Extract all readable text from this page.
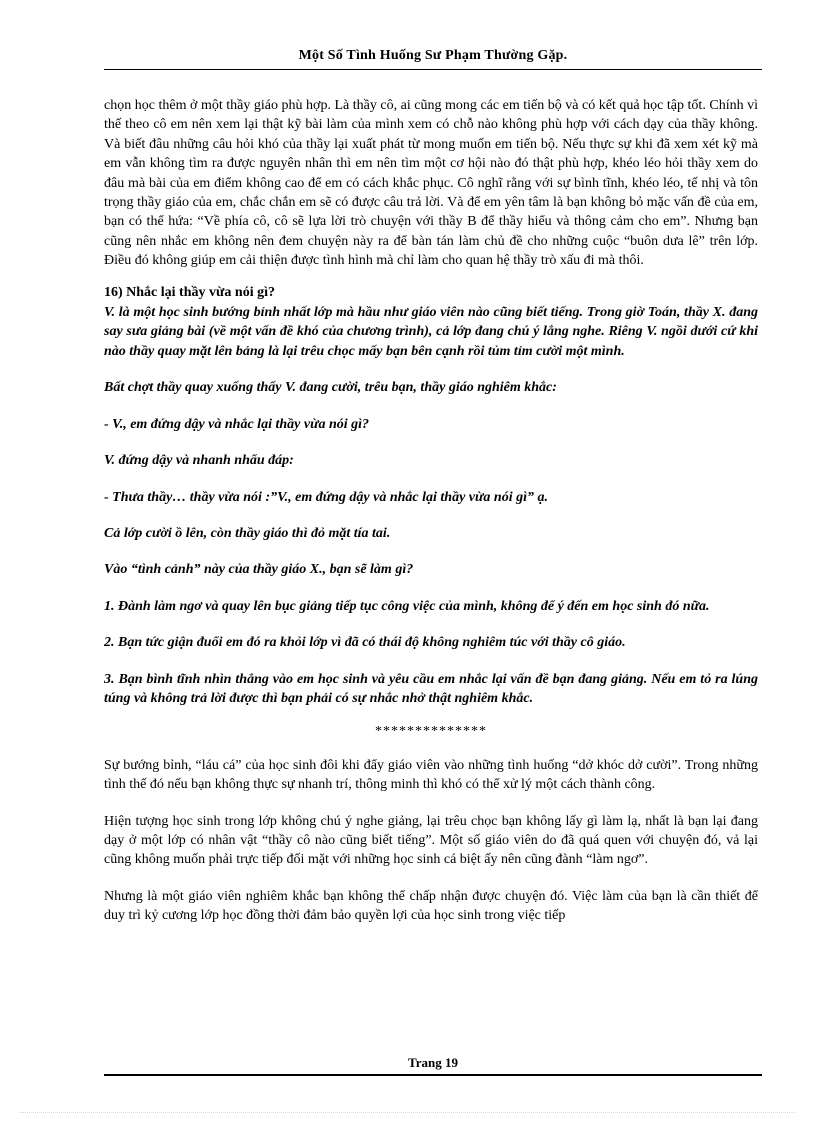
Một Số Tình Huống Sư Phạm Thường Gặp.

chọn học thêm ở một thầy giáo phù hợp. Là thầy cô, ai cũng mong các em tiến bộ và có kết quả học tập tốt. Chính vì thế theo cô em nên xem lại thật kỹ bài làm của mình xem có chỗ nào không phù hợp với cách dạy của thầy không. Và biết đâu những câu hỏi khó của thầy lại xuất phát từ mong muốn em tiến bộ. Nếu thực sự khi đã xem xét kỹ mà em vẫn không tìm ra được nguyên nhân thì em nên tìm một cơ hội nào đó thật phù hợp, khéo léo hỏi thầy xem do đâu mà bài của em điểm không cao để em có cách khắc phục. Cô nghĩ rằng với sự bình tĩnh, khéo léo, tế nhị và tôn trọng thầy giáo của em, chắc chắn em sẽ có được câu trả lời. Và để em yên tâm là bạn không bỏ mặc vấn đề của em, bạn có thể hứa: “Về phía cô, cô sẽ lựa lời trò chuyện với thầy B để thầy hiểu và thông cảm cho em”. Nhưng bạn cũng nên nhắc em không nên đem chuyện này ra để bàn tán làm chủ đề cho những cuộc “buôn dưa lê” trên lớp. Điều đó không giúp em cải thiện được tình hình mà chỉ làm cho quan hệ thầy trò xấu đi mà thôi.

16) Nhắc lại thầy vừa nói gì?

V. là một học sinh bướng bỉnh nhất lớp mà hầu như giáo viên nào cũng biết tiếng. Trong giờ Toán, thầy X. đang say sưa giảng bài (về một vấn đề khó của chương trình), cả lớp đang chú ý lắng nghe. Riêng V. ngồi dưới cứ khi nào thầy quay mặt lên bảng là lại trêu chọc mấy bạn bên cạnh rồi tủm tỉm cười một mình.

Bất chợt thầy quay xuống thấy V. đang cười, trêu bạn, thầy giáo nghiêm khắc:

- V., em đứng dậy và nhắc lại thầy vừa nói gì?

V. đứng dậy và nhanh nhẩu đáp:

- Thưa thầy… thầy vừa nói :”V., em đứng dậy và nhắc lại thầy vừa nói gì” ạ.

Cả lớp cười ồ lên, còn thầy giáo thì đỏ mặt tía tai.

Vào “tình cảnh” này của thầy giáo X., bạn sẽ làm gì?

1. Đành làm ngơ và quay lên bục giảng tiếp tục công việc của mình, không để ý đến em học sinh đó nữa.

2. Bạn tức giận đuổi em đó ra khỏi lớp vì đã có thái độ không nghiêm túc với thầy cô giáo.

3. Bạn bình tĩnh nhìn thẳng vào em học sinh và yêu cầu em nhắc lại vấn đề bạn đang giảng. Nếu em tỏ ra lúng túng và không trả lời được thì bạn phải có sự nhắc nhở thật nghiêm khắc.

**************

Sự bướng bỉnh, “láu cá” của học sinh đôi khi đẩy giáo viên vào những tình huống “dở khóc dở cười”. Trong những tình thế đó nếu bạn không thực sự nhanh trí, thông minh thì khó có thể xử lý một cách thành công.

Hiện tượng học sinh trong lớp không chú ý nghe giảng, lại trêu chọc bạn không lấy gì làm lạ, nhất là bạn lại đang dạy ở một lớp có nhân vật “thầy cô nào cũng biết tiếng”. Một số giáo viên do đã quá quen với chuyện đó, vả lại cũng không muốn phải trực tiếp đối mặt với những học sinh cá biệt ấy nên cũng đành “làm ngơ”.

Nhưng là một giáo viên nghiêm khắc bạn không thể chấp nhận được chuyện đó. Việc làm của bạn là cần thiết để duy trì kỷ cương lớp học đồng thời đảm bảo quyền lợi của học sinh trong việc tiếp

Trang 19
